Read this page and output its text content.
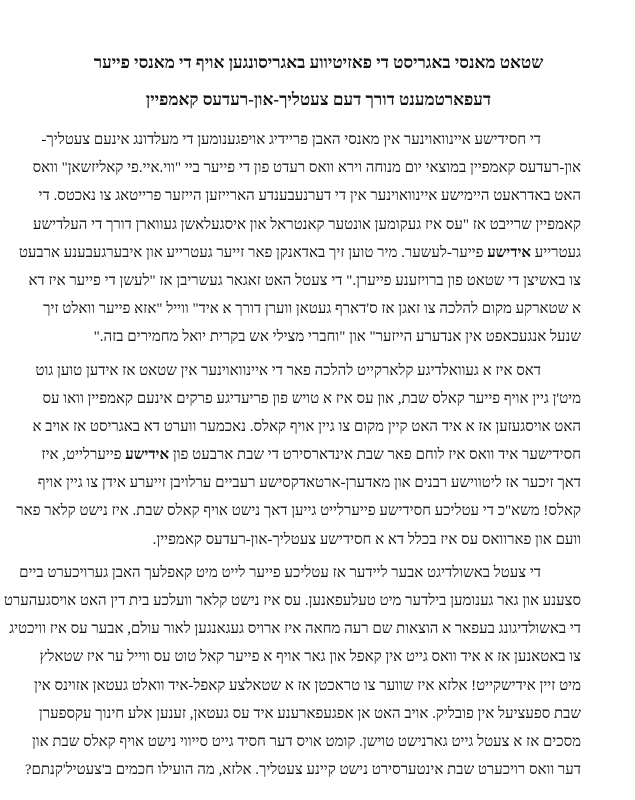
שטאט מאנסי באגריסט די פאזיטיווע באגריסונגען אויף די מאנסי פייער
דעפארטמענט דורך דעם צעטליך-און-רעדעס קאמפיין
די חסידישע איינוואוינער אין מאנסי האבן פריידיג אויפגענומען די מעלדונג אינעם צעטליך-
און-רעדעס קאמפיין במוצאי יום מנוחה וירא וואס רעדט פון די פייער ביי "ווי.איי.פי קאליזשאן" וואס
האט באדראעט היימישע איינוואוינער אין די דערנעבענדע הארייזען הייזער פרייטאג צו נאכטס. די
קאמפיין שרייבט אז "עס איז געקומען אונטער קאנטראל און איסגעלאשן געווארן דורך די העלדישע
געטרייע אידישע פייער-לעשער. מיר טוען זיך באדאנקן פאר זייער געטרייע און איבערגעבענע ארבעט
צו באשיצן די שטאט פון ברויזענע פייערן." די צעטל האט זאגאר געשריבן אז "לעשן די פייער איז דא
א שטארקע מקום להלכה צו זאגן אז ס'דארף געטאן ווערן דורך א איד" ווייל "אזא פייער וואלט זיך
שנעל אנגעכאפט אין אנדערע הייזער" און "וחברי מצילי אש בקרית יואל מחמירים בזה."
דאס איז א געוואלדיגע קלארקייט להלכה פאר די איינוואוינער אין שטאט אז אידען טוען גוט
מיט'ן גיין אויף פייער קאלס שבת, און עס איז א טויש פון פריעדיגע פרקים אינעם קאמפיין וואו עס
האט אויסגעזען אז א איד האט קיין מקום צו גיין אויף קאלס. נאכמער ווערט דא באגריסט אז אויב א
חסידישער איד וואס איז לוחם פאר שבת אינדארסירט די שבת ארבעט פון אידישע פייערלייט, איז
דאך זיכער אז ליטווישע רבנים און מאדערן-ארטאדקסישע רעביים ערלויבן זייערע אידן צו גיין אויף
קאלס! משא"כ די עטליכע חסידישע פייערלייט גייען דאך נישט אויף קאלס שבת. איז נישט קלאר פאר
וועם און פארוואס עס איז בכלל דא א חסידישע צעטליך-און-רעדעס קאמפיין.
די צעטל באשולדיגט אבער ליידער אז עטליכע פייער לייט מיט קאפלעך האבן גערויכערט ביים
סצענע און גאר גענומען בילדער מיט טעלעפאנען. עס איז נישט קלאר וועלכע בית דין האט אויסגעהערט
די באשולדיגונג בעפאר א הוצאות שם רעה מחאה איז ארויס געגאנגען לאור עולם, אבער עס איז וויכטיג
צו באטאנען אז א איד וואס גייט אין קאפל און גאר אויף א פייער קאל טוט עס ווייל ער איז שטאלץ
מיט זיין אידישקייט! אלזא איז שווער צו טראכטן אז א שטאלצע קאפל-איד וואלט געטאן אזוינס אין
שבת ספעציעל אין פובליק. אויב האט אן אפגעפארענע איד עס געטאן, זענען אלע חינוך עקספערן
מסכים אז א צעטל גייט גארנישט טוישן. קומט אויס דער חסיד גייט סייווי נישט אויף קאלס שבת און
דער וואס רויכערט שבת אינטערסירט נישט קיינע צעטליך. אלזא, מה הועילו חכמים ב'צעטיל'קנתם?
